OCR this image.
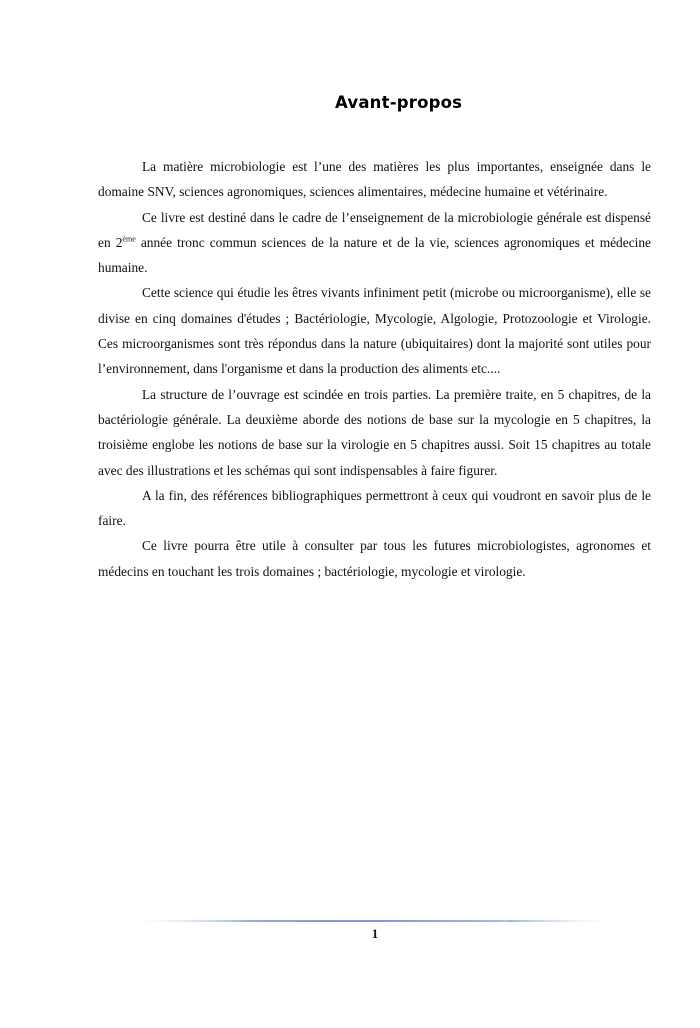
Avant-propos

La matière microbiologie est l’une des matières les plus importantes, enseignée dans le domaine SNV, sciences agronomiques, sciences alimentaires, médecine humaine et vétérinaire.

Ce livre est destiné dans le cadre de l’enseignement de la microbiologie générale est dispensé en 2ème année tronc commun sciences de la nature et de la vie, sciences agronomiques et médecine humaine.

Cette science qui étudie les êtres vivants infiniment petit (microbe ou microorganisme), elle se divise en cinq domaines d'études ; Bactériologie, Mycologie, Algologie, Protozoologie et Virologie. Ces microorganismes sont très répondus dans la nature (ubiquitaires) dont la majorité sont utiles pour l’environnement, dans l'organisme et dans la production des aliments etc....

La structure de l’ouvrage est scindée en trois parties. La première traite, en 5 chapitres, de la bactériologie générale. La deuxième aborde des notions de base sur la mycologie en 5 chapitres, la troisième englobe les notions de base sur la virologie en 5 chapitres aussi. Soit 15 chapitres au totale avec des illustrations et les schémas qui sont indispensables à faire figurer.

A la fin, des références bibliographiques permettront à ceux qui voudront en savoir plus de le faire.

Ce livre pourra être utile à consulter par tous les futures microbiologistes, agronomes et médecins en touchant les trois domaines ; bactériologie, mycologie et virologie.

1
